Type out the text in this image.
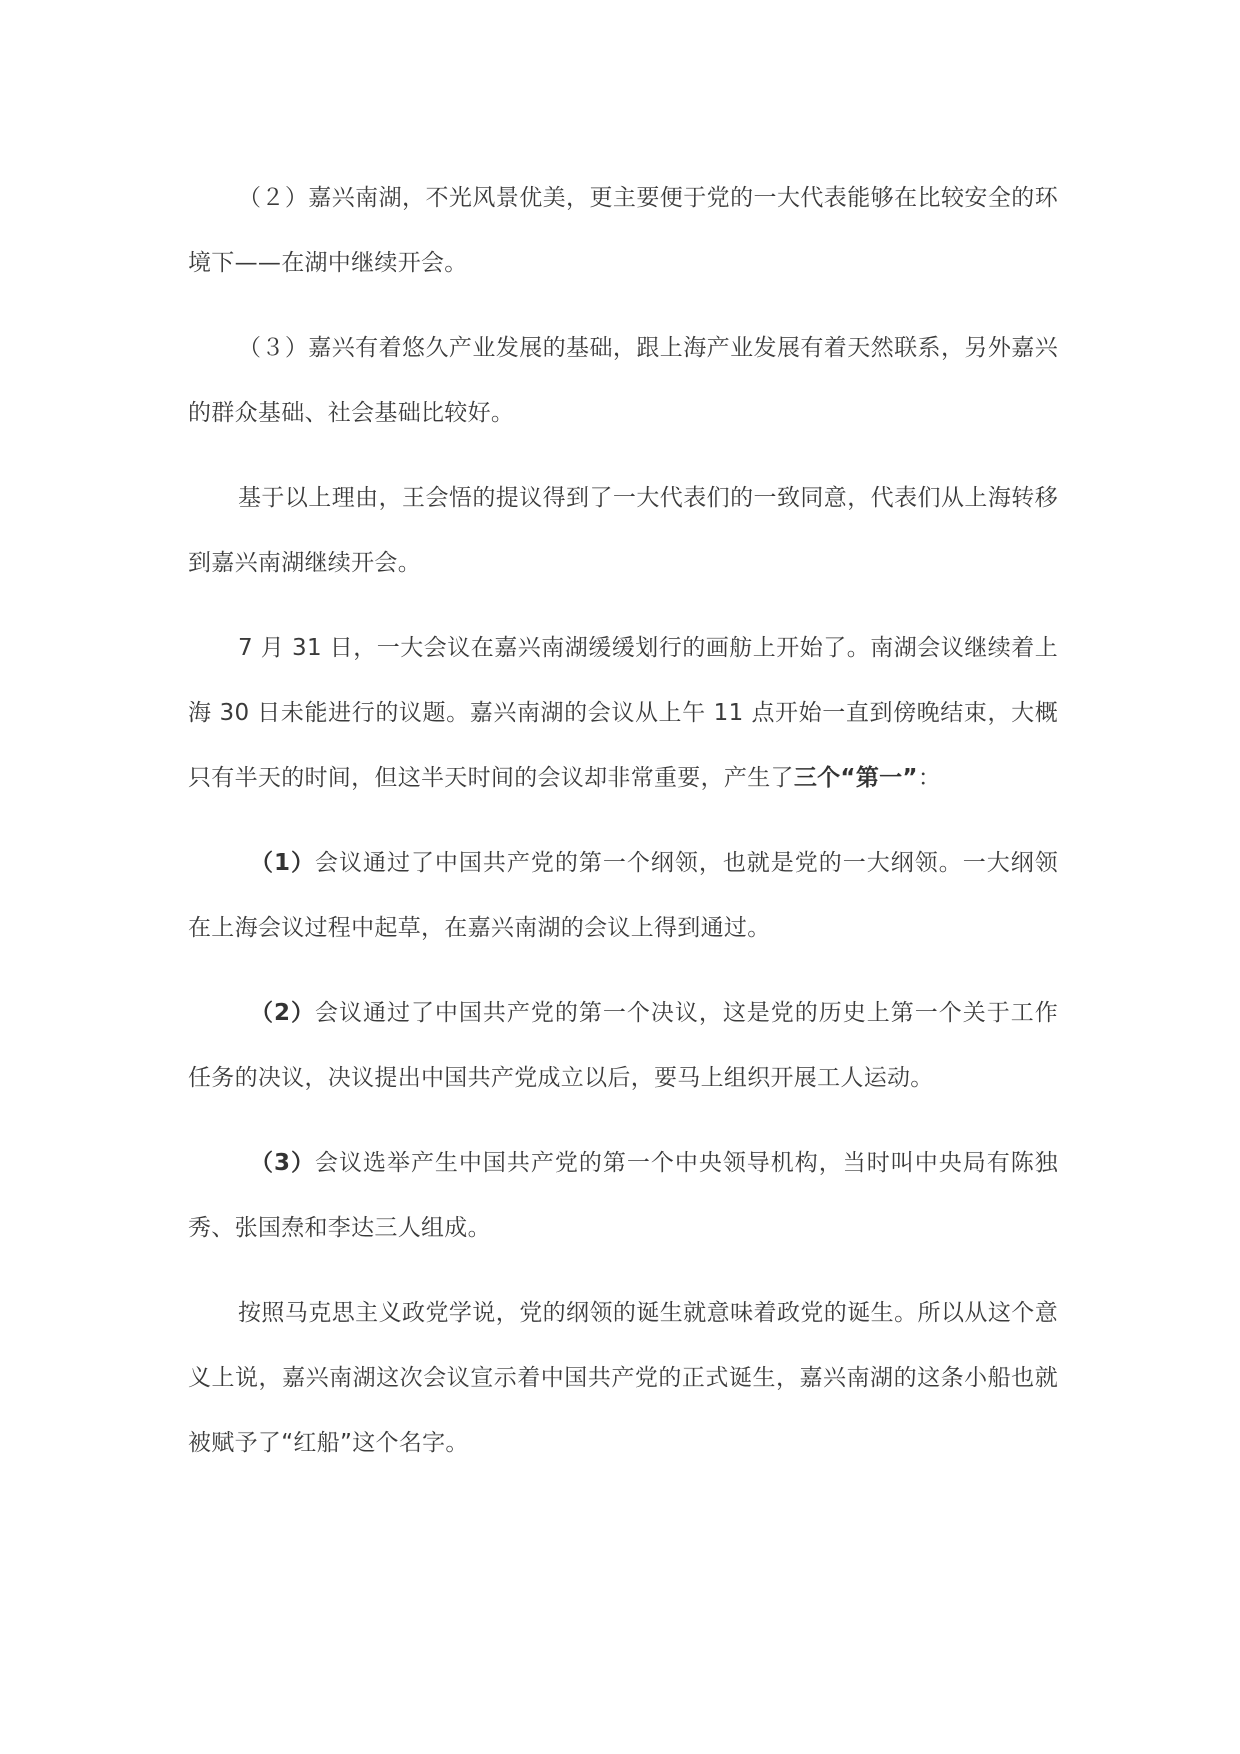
（２）嘉兴南湖，不光风景优美，更主要便于党的一大代表能够在比较安全的环境下——在湖中继续开会。

（３）嘉兴有着悠久产业发展的基础，跟上海产业发展有着天然联系，另外嘉兴的群众基础、社会基础比较好。

基于以上理由，王会悟的提议得到了一大代表们的一致同意，代表们从上海转移到嘉兴南湖继续开会。

7 月 31 日，一大会议在嘉兴南湖缓缓划行的画舫上开始了。南湖会议继续着上海 30 日未能进行的议题。嘉兴南湖的会议从上午 11 点开始一直到傍晚结束，大概只有半天的时间，但这半天时间的会议却非常重要，产生了三个“第一”：

（1）会议通过了中国共产党的第一个纲领，也就是党的一大纲领。一大纲领在上海会议过程中起草，在嘉兴南湖的会议上得到通过。

（2）会议通过了中国共产党的第一个决议，这是党的历史上第一个关于工作任务的决议，决议提出中国共产党成立以后，要马上组织开展工人运动。

（3）会议选举产生中国共产党的第一个中央领导机构，当时叫中央局有陈独秀、张国焘和李达三人组成。

按照马克思主义政党学说，党的纲领的诞生就意味着政党的诞生。所以从这个意义上说，嘉兴南湖这次会议宣示着中国共产党的正式诞生，嘉兴南湖的这条小船也就被赋予了“红船”这个名字。
